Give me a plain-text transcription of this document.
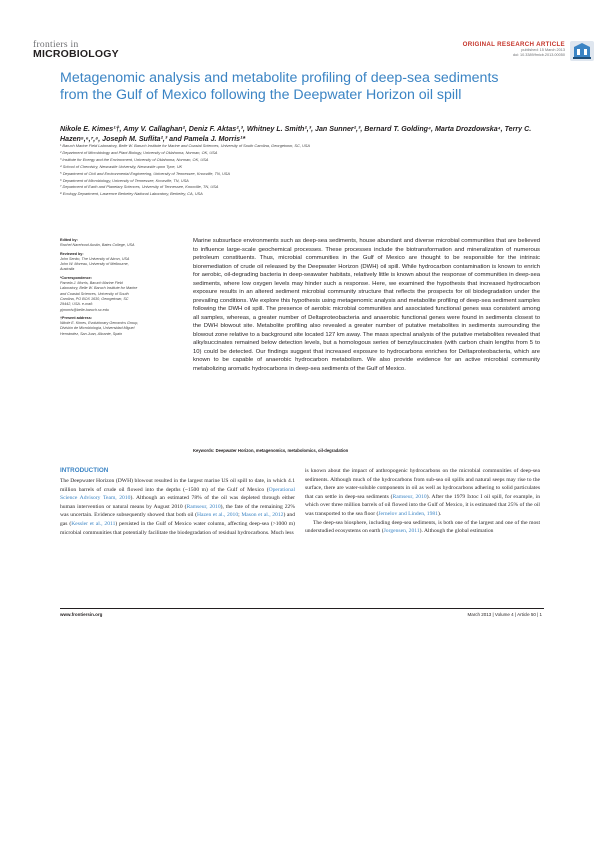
frontiers in
MICROBIOLOGY
ORIGINAL RESEARCH ARTICLE
published: 15 March 2013
doi: 10.3389/fmicb.2013.00050
Metagenomic analysis and metabolite profiling of deep-sea sediments from the Gulf of Mexico following the Deepwater Horizon oil spill
Nikole E. Kimes¹†, Amy V. Callaghan², Deniz F. Aktas²,³, Whitney L. Smith²,³, Jan Sunner²,³, Bernard T. Golding⁴, Marta Drozdowska⁴, Terry C. Hazen⁵,⁶,⁷,⁸, Joseph M. Suflita²,³ and Pamela J. Morris¹*
¹ Baruch Marine Field Laboratory, Belle W. Baruch Institute for Marine and Coastal Sciences, University of South Carolina, Georgetown, SC, USA
² Department of Microbiology and Plant Biology, University of Oklahoma, Norman, OK, USA
³ Institute for Energy and the Environment, University of Oklahoma, Norman, OK, USA
⁴ School of Chemistry, Newcastle University, Newcastle upon Tyne, UK
⁵ Department of Civil and Environmental Engineering, University of Tennessee, Knoxville, TN, USA
⁶ Department of Microbiology, University of Tennessee, Knoxville, TN, USA
⁷ Department of Earth and Planetary Sciences, University of Tennessee, Knoxville, TN, USA
⁸ Ecology Department, Lawrence Berkeley National Laboratory, Berkeley, CA, USA
Edited by:
Rachel Narehood Austin, Bates College, USA
Reviewed by:
John Senko, The University of Akron, USA
John W. Moreau, University of Melbourne, Australia
*Correspondence:
Pamela J. Morris, Baruch Marine Field Laboratory, Belle W. Baruch Institute for Marine and Coastal Sciences, University of South Carolina, PO BOX 1630, Georgetown, SC 29442, USA. e-mail: pjmorris@belle.baruch.sc.edu
†Present address:
Nikole E. Kimes, Evolutionary Genomics Group, División de Microbiología, Universidad Miguel Hernández, San Juan, Alicante, Spain
Marine subsurface environments such as deep-sea sediments, house abundant and diverse microbial communities that are believed to influence large-scale geochemical processes. These processes include the biotransformation and mineralization of numerous petroleum constituents. Thus, microbial communities in the Gulf of Mexico are thought to be responsible for the intrinsic bioremediation of crude oil released by the Deepwater Horizon (DWH) oil spill. While hydrocarbon contamination is known to enrich for aerobic, oil-degrading bacteria in deep-seawater habitats, relatively little is known about the response of communities in deep-sea sediments, where low oxygen levels may hinder such a response. Here, we examined the hypothesis that increased hydrocarbon exposure results in an altered sediment microbial community structure that reflects the prospects for oil biodegradation under the prevailing conditions. We explore this hypothesis using metagenomic analysis and metabolite profiling of deep-sea sediment samples following the DWH oil spill. The presence of aerobic microbial communities and associated functional genes was consistent among all samples, whereas, a greater number of Deltaproteobacteria and anaerobic functional genes were found in sediments closest to the DWH blowout site. Metabolite profiling also revealed a greater number of putative metabolites in sediments surrounding the blowout zone relative to a background site located 127 km away. The mass spectral analysis of the putative metabolites revealed that alkylsuccinates remained below detection levels, but a homologous series of benzylsuccinates (with carbon chain lengths from 5 to 10) could be detected. Our findings suggest that increased exposure to hydrocarbons enriches for Deltaproteobacteria, which are known to be capable of anaerobic hydrocarbon metabolism. We also provide evidence for an active microbial community metabolizing aromatic hydrocarbons in deep-sea sediments of the Gulf of Mexico.
Keywords: Deepwater Horizon, metagenomics, metabolomics, oil-degradation
INTRODUCTION

The Deepwater Horizon (DWH) blowout resulted in the largest marine US oil spill to date, in which 4.1 million barrels of crude oil flowed into the depths (~1500 m) of the Gulf of Mexico (Operational Science Advisory Team, 2010). Although an estimated 78% of the oil was depleted through either human intervention or natural means by August 2010 (Ramseur, 2010), the fate of the remaining 22% was uncertain. Evidence subsequently showed that both oil (Hazen et al., 2010; Mason et al., 2012) and gas (Kessler et al., 2011) persisted in the Gulf of Mexico water column, affecting deep-sea (>1000 m) microbial communities that potentially facilitate the biodegradation of residual hydrocarbons. Much less

is known about the impact of anthropogenic hydrocarbons on the microbial communities of deep-sea sediments. Although much of the hydrocarbons from sub-sea oil spills and natural seeps may rise to the surface, there are water-soluble components in oil as well as hydrocarbons adhering to solid particulates that can settle in deep-sea sediments (Ramseur, 2010). After the 1979 Ixtoc I oil spill, for example, in which over three million barrels of oil flowed into the Gulf of Mexico, it is estimated that 25% of the oil was transported to the sea floor (Jernelov and Linden, 1981).

The deep-sea biosphere, including deep-sea sediments, is both one of the largest and one of the most understudied ecosystems on earth (Jorgensen, 2011). Although the global estimation

www.frontiersin.org	March 2013 | Volume 4 | Article 50 | 1
